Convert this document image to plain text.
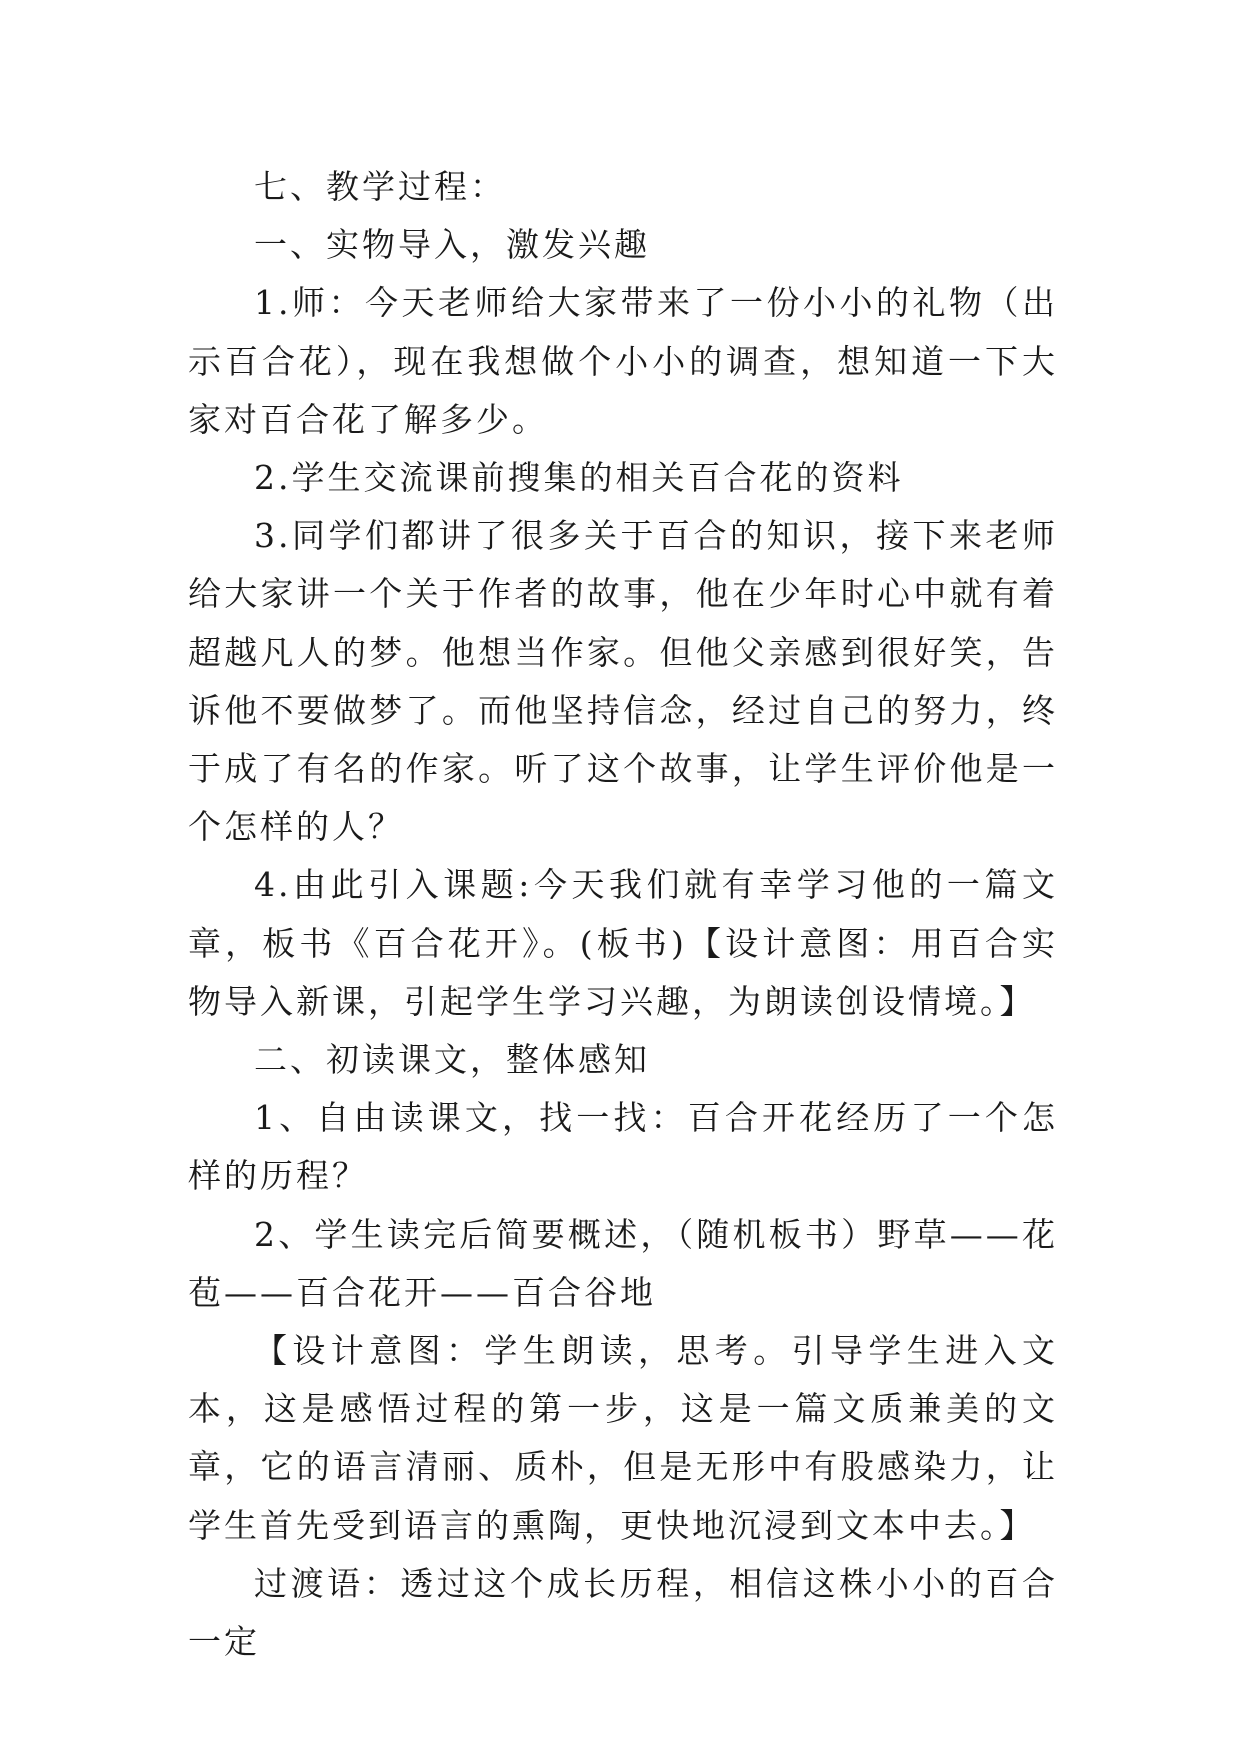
七、教学过程：

一、实物导入，激发兴趣

1.师：今天老师给大家带来了一份小小的礼物（出示百合花），现在我想做个小小的调查，想知道一下大家对百合花了解多少。

2.学生交流课前搜集的相关百合花的资料

3.同学们都讲了很多关于百合的知识，接下来老师给大家讲一个关于作者的故事，他在少年时心中就有着超越凡人的梦。他想当作家。但他父亲感到很好笑，告诉他不要做梦了。而他坚持信念，经过自己的努力，终于成了有名的作家。听了这个故事，让学生评价他是一个怎样的人？

4.由此引入课题:今天我们就有幸学习他的一篇文章，板书《百合花开》。(板书)【设计意图：用百合实物导入新课，引起学生学习兴趣，为朗读创设情境。】

二、初读课文，整体感知

1、自由读课文，找一找：百合开花经历了一个怎样的历程？

2、学生读完后简要概述，（随机板书）野草——花苞——百合花开——百合谷地

【设计意图：学生朗读，思考。引导学生进入文本，这是感悟过程的第一步，这是一篇文质兼美的文章，它的语言清丽、质朴，但是无形中有股感染力，让学生首先受到语言的熏陶，更快地沉浸到文本中去。】

过渡语：透过这个成长历程，相信这株小小的百合一定
